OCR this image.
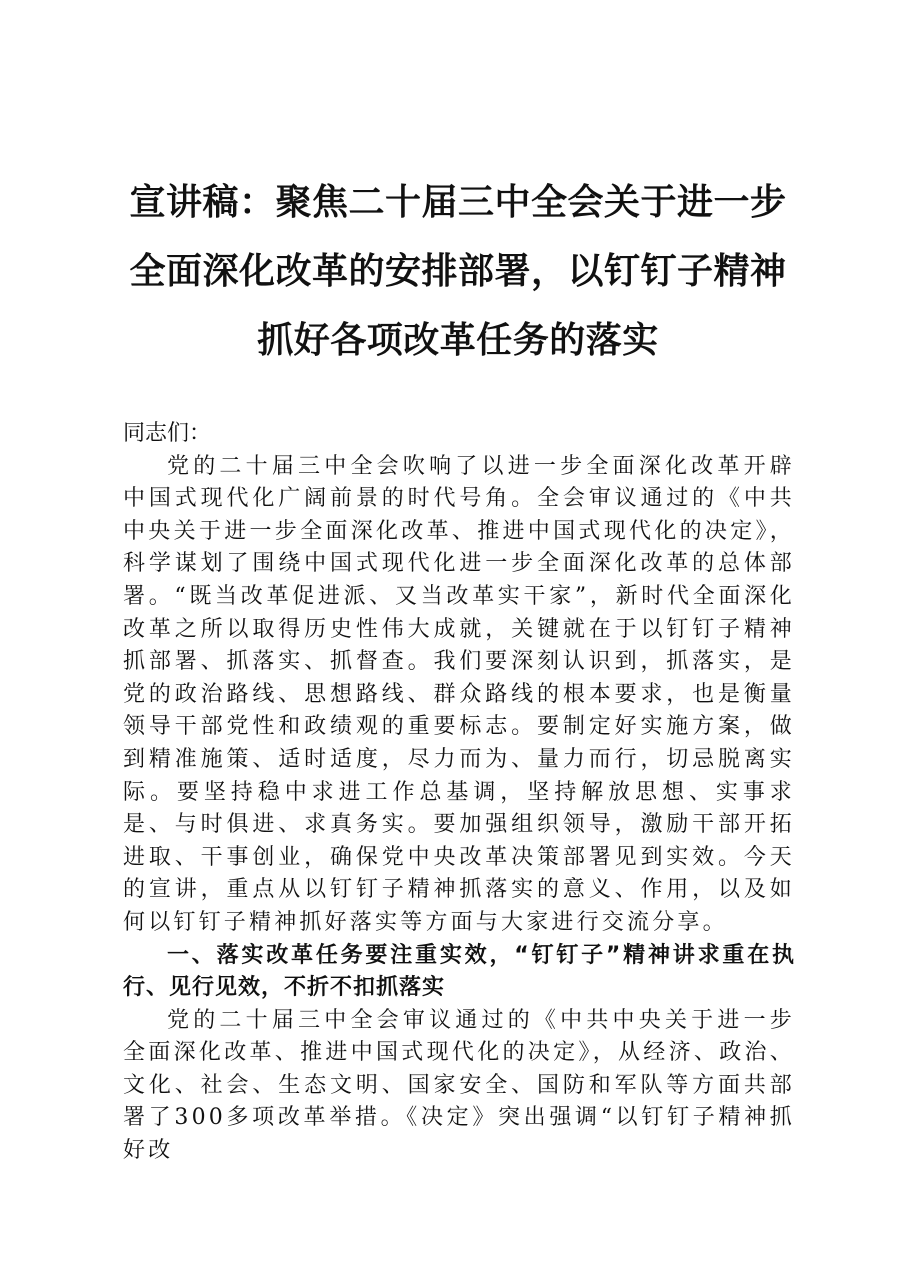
宣讲稿：聚焦二十届三中全会关于进一步全面深化改革的安排部署，以钉钉子精神抓好各项改革任务的落实

同志们：

党的二十届三中全会吹响了以进一步全面深化改革开辟中国式现代化广阔前景的时代号角。全会审议通过的《中共中央关于进一步全面深化改革、推进中国式现代化的决定》，科学谋划了围绕中国式现代化进一步全面深化改革的总体部署。“既当改革促进派、又当改革实干家”，新时代全面深化改革之所以取得历史性伟大成就，关键就在于以钉钉子精神抓部署、抓落实、抓督查。我们要深刻认识到，抓落实，是党的政治路线、思想路线、群众路线的根本要求，也是衡量领导干部党性和政绩观的重要标志。要制定好实施方案，做到精准施策、适时适度，尽力而为、量力而行，切忌脱离实际。要坚持稳中求进工作总基调，坚持解放思想、实事求是、与时俱进、求真务实。要加强组织领导，激励干部开拓进取、干事创业，确保党中央改革决策部署见到实效。今天的宣讲，重点从以钉钉子精神抓落实的意义、作用，以及如何以钉钉子精神抓好落实等方面与大家进行交流分享。

一、落实改革任务要注重实效，“钉钉子”精神讲求重在执行、见行见效，不折不扣抓落实

党的二十届三中全会审议通过的《中共中央关于进一步全面深化改革、推进中国式现代化的决定》，从经济、政治、文化、社会、生态文明、国家安全、国防和军队等方面共部署了300多项改革举措。《决定》突出强调“以钉钉子精神抓好改
